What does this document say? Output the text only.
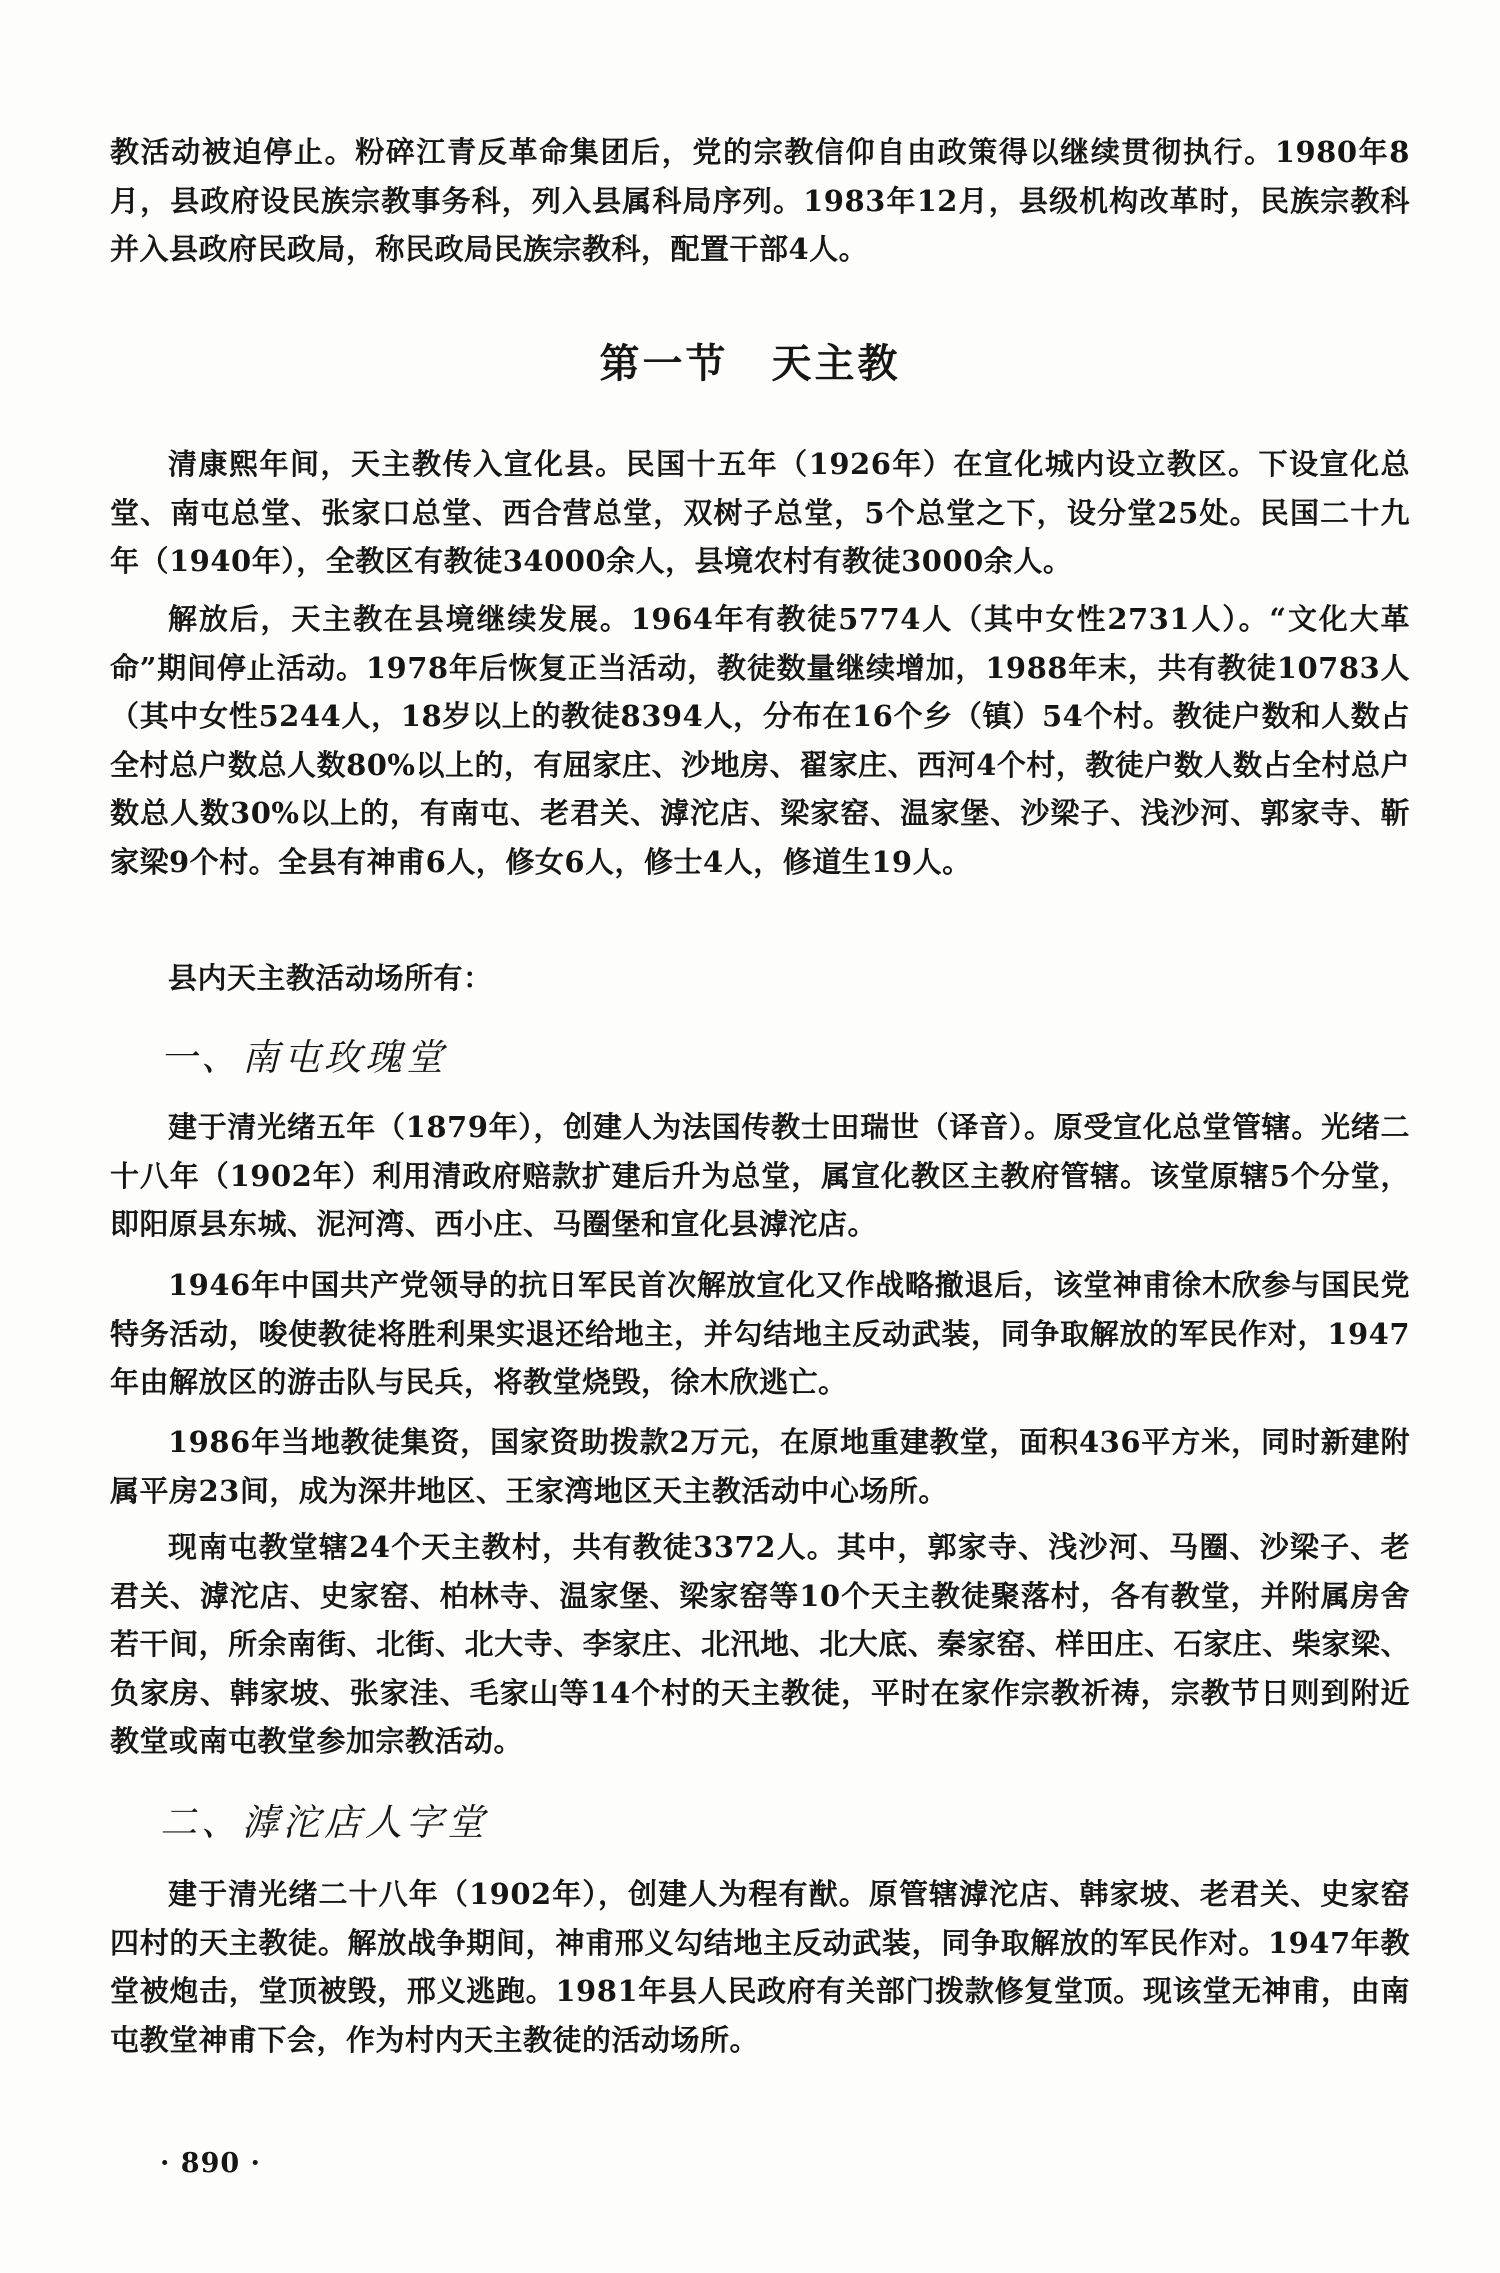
教活动被迫停止。粉碎江青反革命集团后，党的宗教信仰自由政策得以继续贯彻执行。1980年8月，县政府设民族宗教事务科，列入县属科局序列。1983年12月，县级机构改革时，民族宗教科并入县政府民政局，称民政局民族宗教科，配置干部4人。
第一节　天主教
清康熙年间，天主教传入宣化县。民国十五年（1926年）在宣化城内设立教区。下设宣化总堂、南屯总堂、张家口总堂、西合营总堂，双树子总堂，5个总堂之下，设分堂25处。民国二十九年（1940年），全教区有教徒34000余人，县境农村有教徒3000余人。
解放后，天主教在县境继续发展。1964年有教徒5774人（其中女性2731人）。“文化大革命”期间停止活动。1978年后恢复正当活动，教徒数量继续增加，1988年末，共有教徒10783人（其中女性5244人，18岁以上的教徒8394人，分布在16个乡（镇）54个村。教徒户数和人数占全村总户数总人数80%以上的，有屈家庄、沙地房、翟家庄、西河4个村，教徒户数人数占全村总户数总人数30%以上的，有南屯、老君关、滹沱店、梁家窑、温家堡、沙梁子、浅沙河、郭家寺、靳家梁9个村。全县有神甫6人，修女6人，修士4人，修道生19人。
县内天主教活动场所有：
一、南屯玫瑰堂
建于清光绪五年（1879年），创建人为法国传教士田瑞世（译音）。原受宣化总堂管辖。光绪二十八年（1902年）利用清政府赔款扩建后升为总堂，属宣化教区主教府管辖。该堂原辖5个分堂，即阳原县东城、泥河湾、西小庄、马圈堡和宣化县滹沱店。
1946年中国共产党领导的抗日军民首次解放宣化又作战略撤退后，该堂神甫徐木欣参与国民党特务活动，唆使教徒将胜利果实退还给地主，并勾结地主反动武装，同争取解放的军民作对，1947年由解放区的游击队与民兵，将教堂烧毁，徐木欣逃亡。
1986年当地教徒集资，国家资助拨款2万元，在原地重建教堂，面积436平方米，同时新建附属平房23间，成为深井地区、王家湾地区天主教活动中心场所。
现南屯教堂辖24个天主教村，共有教徒3372人。其中，郭家寺、浅沙河、马圈、沙梁子、老君关、滹沱店、史家窑、柏林寺、温家堡、梁家窑等10个天主教徒聚落村，各有教堂，并附属房舍若干间，所余南街、北街、北大寺、李家庄、北汛地、北大底、秦家窑、样田庄、石家庄、柴家梁、负家房、韩家坡、张家洼、毛家山等14个村的天主教徒，平时在家作宗教祈祷，宗教节日则到附近教堂或南屯教堂参加宗教活动。
二、滹沱店人字堂
建于清光绪二十八年（1902年），创建人为程有猷。原管辖滹沱店、韩家坡、老君关、史家窑四村的天主教徒。解放战争期间，神甫邢义勾结地主反动武装，同争取解放的军民作对。1947年教堂被炮击，堂顶被毁，邢义逃跑。1981年县人民政府有关部门拨款修复堂顶。现该堂无神甫，由南屯教堂神甫下会，作为村内天主教徒的活动场所。
· 890 ·
